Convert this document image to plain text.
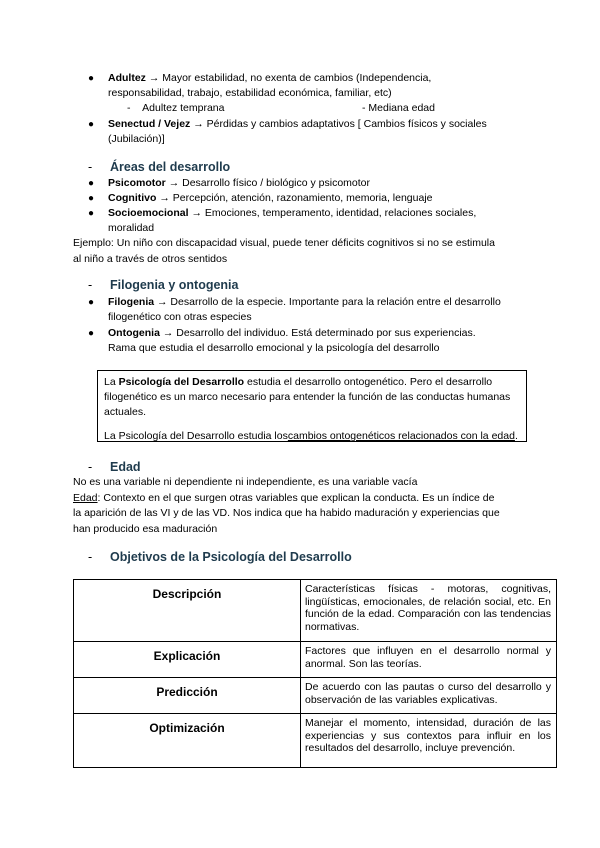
● Adultez → Mayor estabilidad, no exenta de cambios (Independencia,
responsabilidad, trabajo, estabilidad económica, familiar, etc)
-    Adultez temprana	- Mediana edad
● Senectud / Vejez → Pérdidas y cambios adaptativos [ Cambios físicos y sociales
(Jubilación)]
- Áreas del desarrollo
● Psicomotor → Desarrollo físico / biológico y psicomotor
● Cognitivo → Percepción, atención, razonamiento, memoria, lenguaje
● Socioemocional → Emociones, temperamento, identidad, relaciones sociales,
moralidad
Ejemplo: Un niño con discapacidad visual, puede tener déficits cognitivos si no se estimula
al niño a través de otros sentidos
- Filogenia y ontogenia
● Filogenia → Desarrollo de la especie. Importante para la relación entre el desarrollo
filogenético con otras especies
● Ontogenia → Desarrollo del individuo. Está determinado por sus experiencias.
Rama que estudia el desarrollo emocional y la psicología del desarrollo
La Psicología del Desarrollo estudia el desarrollo ontogenético. Pero el desarrollo
filogenético es un marco necesario para entender la función de las conductas humanas
actuales.
La Psicología del Desarrollo estudia loscambios ontogenéticos relacionados con la edad.
- Edad
No es una variable ni dependiente ni independiente, es una variable vacía
Edad: Contexto en el que surgen otras variables que explican la conducta. Es un índice de
la aparición de las VI y de las VD. Nos indica que ha habido maduración y experiencias que
han producido esa maduración
- Objetivos de la Psicología del Desarrollo
Descripción	Características físicas - motoras, cognitivas, lingüísticas, emocionales, de relación social, etc. En función de la edad. Comparación con las tendencias normativas.
Explicación	Factores que influyen en el desarrollo normal y anormal. Son las teorías.
Predicción	De acuerdo con las pautas o curso del desarrollo y observación de las variables explicativas.
Optimización	Manejar el momento, intensidad, duración de las experiencias y sus contextos para influir en los resultados del desarrollo, incluye prevención.
